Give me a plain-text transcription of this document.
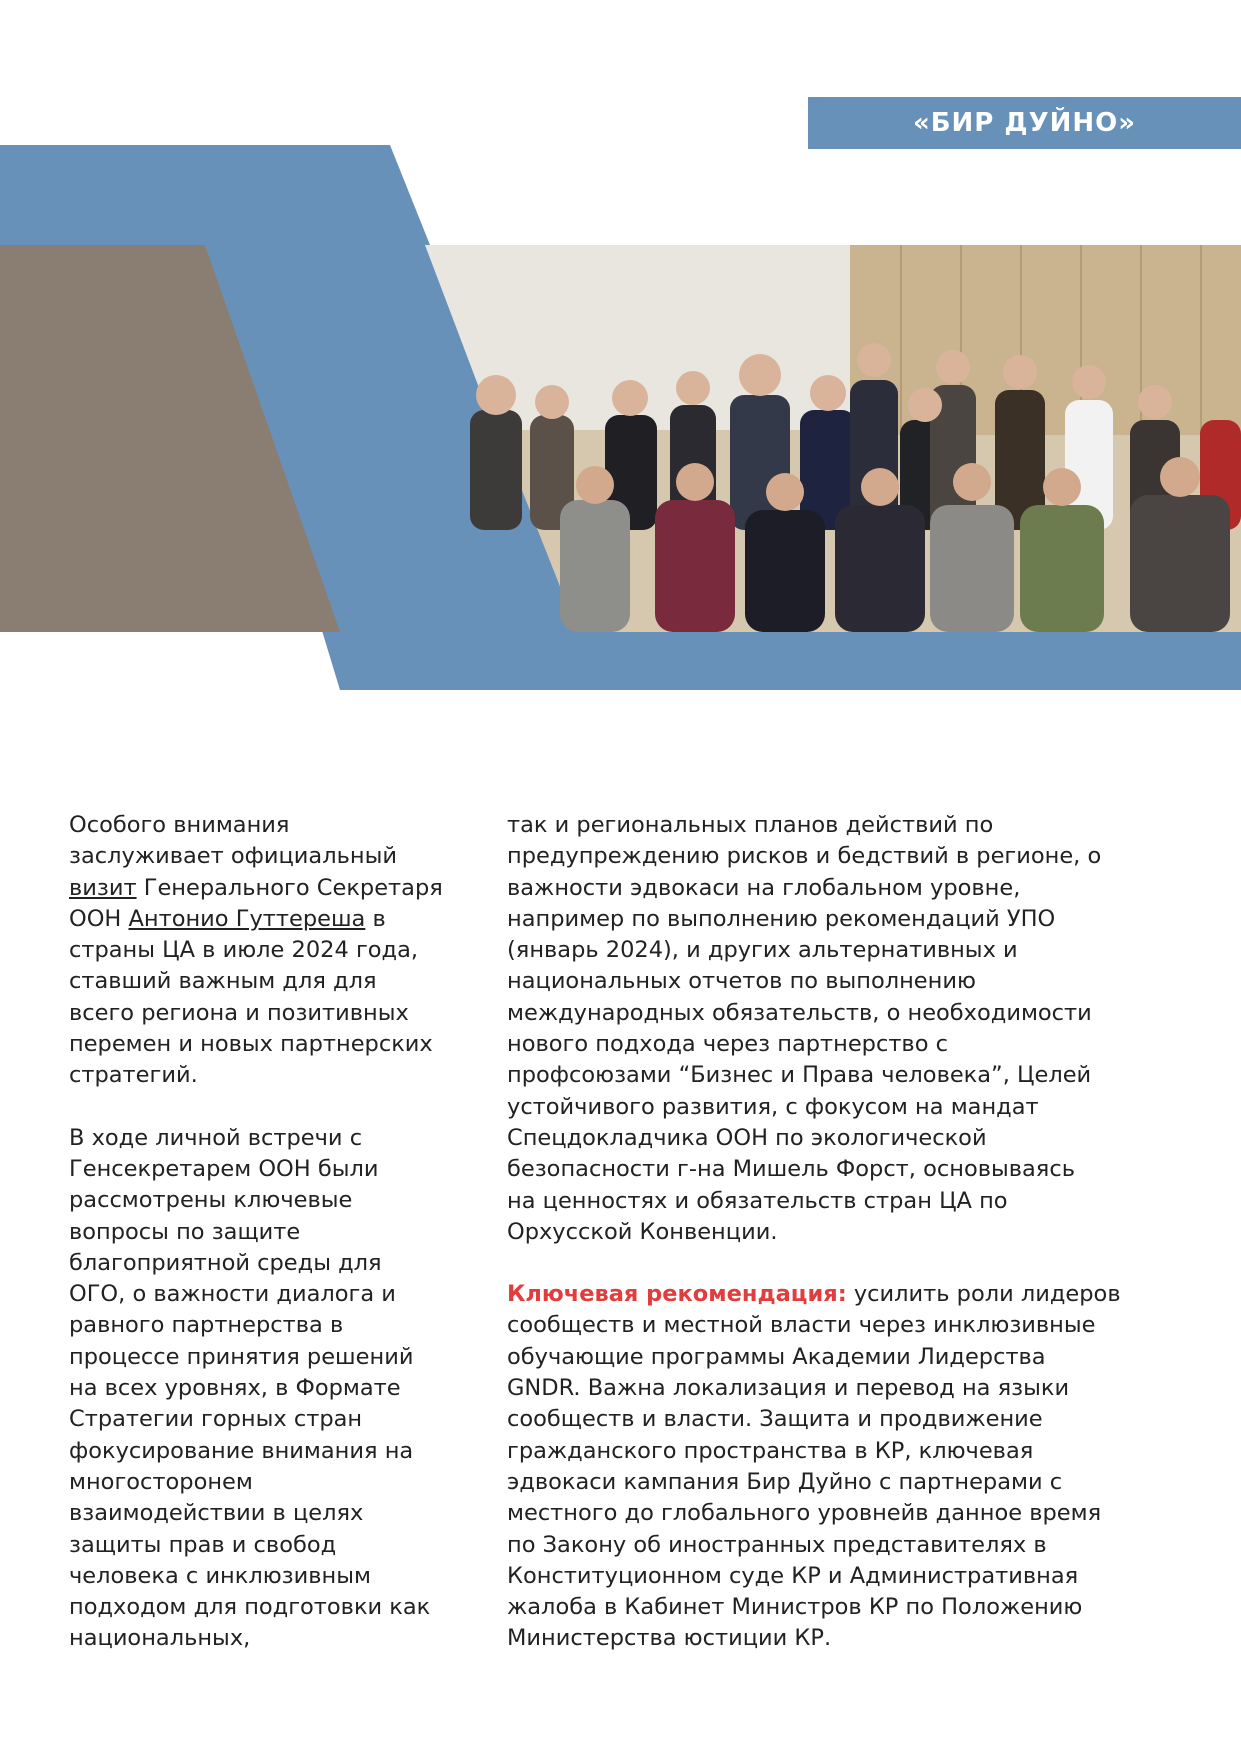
«БИР ДУЙНО»

Особого внимания
заслуживает официальный
визит Генерального Секретаря
ООН Антонио Гуттереша в
страны ЦА в июле 2024 года,
ставший важным для для
всего региона и позитивных
перемен и новых партнерских
стратегий.

В ходе личной встречи с
Генсекретарем ООН были
рассмотрены ключевые
вопросы по защите
благоприятной среды для
ОГО, о важности диалога и
равного партнерства в
процессе принятия решений
на всех уровнях, в Формате
Стратегии горных стран
фокусирование внимания на
многосторонем
взаимодействии в целях
защиты прав и свобод
человека с инклюзивным
подходом для подготовки как
национальных,

так и региональных планов действий по
предупреждению рисков и бедствий в регионе, о
важности эдвокаси на глобальном уровне,
например по выполнению рекомендаций УПО
(январь 2024), и других альтернативных и
национальных отчетов по выполнению
международных обязательств, о необходимости
нового подхода через партнерство с
профсоюзами “Бизнес и Права человека”, Целей
устойчивого развития, с фокусом на мандат
Спецдокладчика ООН по экологической
безопасности г-на Мишель Форст, основываясь
на ценностях и обязательств стран ЦА по
Орхусской Конвенции.

Ключевая рекомендация: усилить роли лидеров
сообществ и местной власти через инклюзивные
обучающие программы Академии Лидерства
GNDR. Важна локализация и перевод на языки
сообществ и власти. Защита и продвижение
гражданского пространства в КР, ключевая
эдвокаси кампания Бир Дуйно с партнерами с
местного до глобального уровнейв данное время
по Закону об иностранных представителях в
Конституционном суде КР и Административная
жалоба в Кабинет Министров КР по Положению
Министерства юстиции КР.
